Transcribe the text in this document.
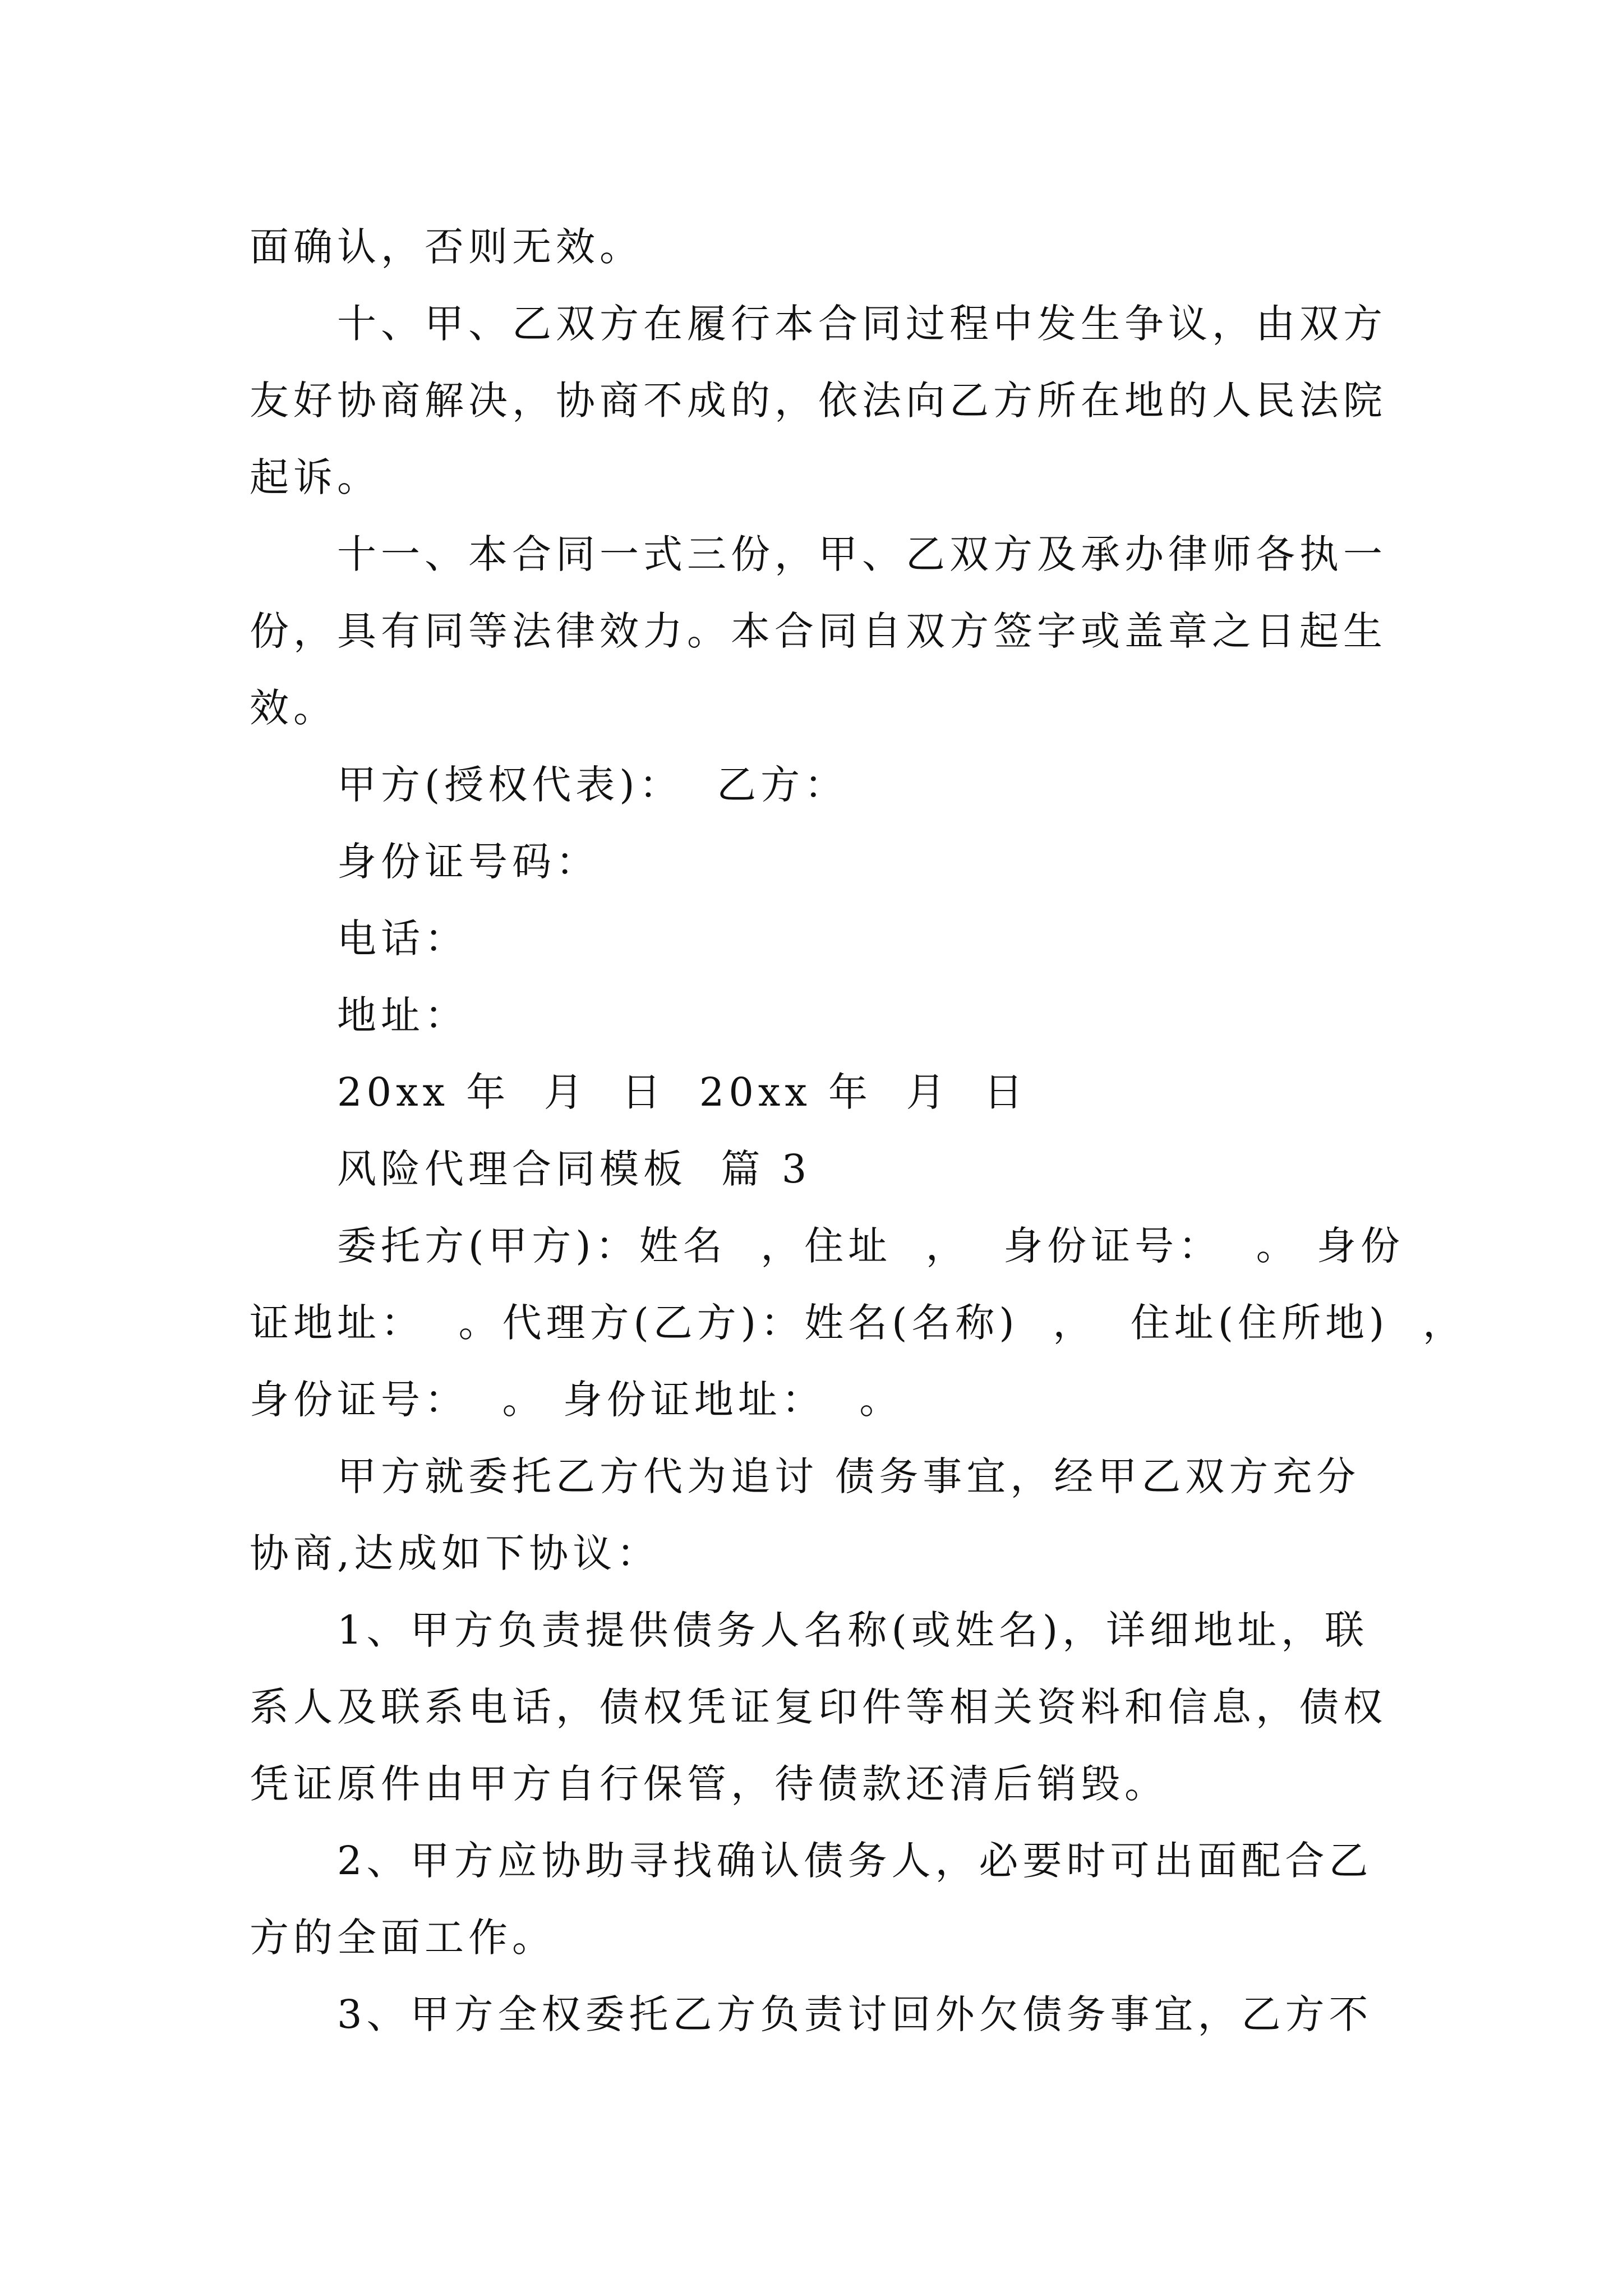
面确认，否则无效。
十、甲、乙双方在履行本合同过程中发生争议，由双方
友好协商解决，协商不成的，依法向乙方所在地的人民法院
起诉。
十一、本合同一式三份，甲、乙双方及承办律师各执一
份，具有同等法律效力。本合同自双方签字或盖章之日起生
效。
甲方(授权代表)：  乙方：
身份证号码：
电话：
地址：
20xx 年  月  日  20xx 年  月  日
风险代理合同模板  篇 3
委托方(甲方)：姓名  ，住址  ，  身份证号：  。 身份
证地址：  。代理方(乙方)：姓名(名称)  ，  住址(住所地)  ，
身份证号：  。 身份证地址：  。
甲方就委托乙方代为追讨 债务事宜，经甲乙双方充分
协商,达成如下协议：
1、甲方负责提供债务人名称(或姓名)，详细地址，联
系人及联系电话，债权凭证复印件等相关资料和信息，债权
凭证原件由甲方自行保管，待债款还清后销毁。
2、甲方应协助寻找确认债务人，必要时可出面配合乙
方的全面工作。
3、甲方全权委托乙方负责讨回外欠债务事宜，乙方不
